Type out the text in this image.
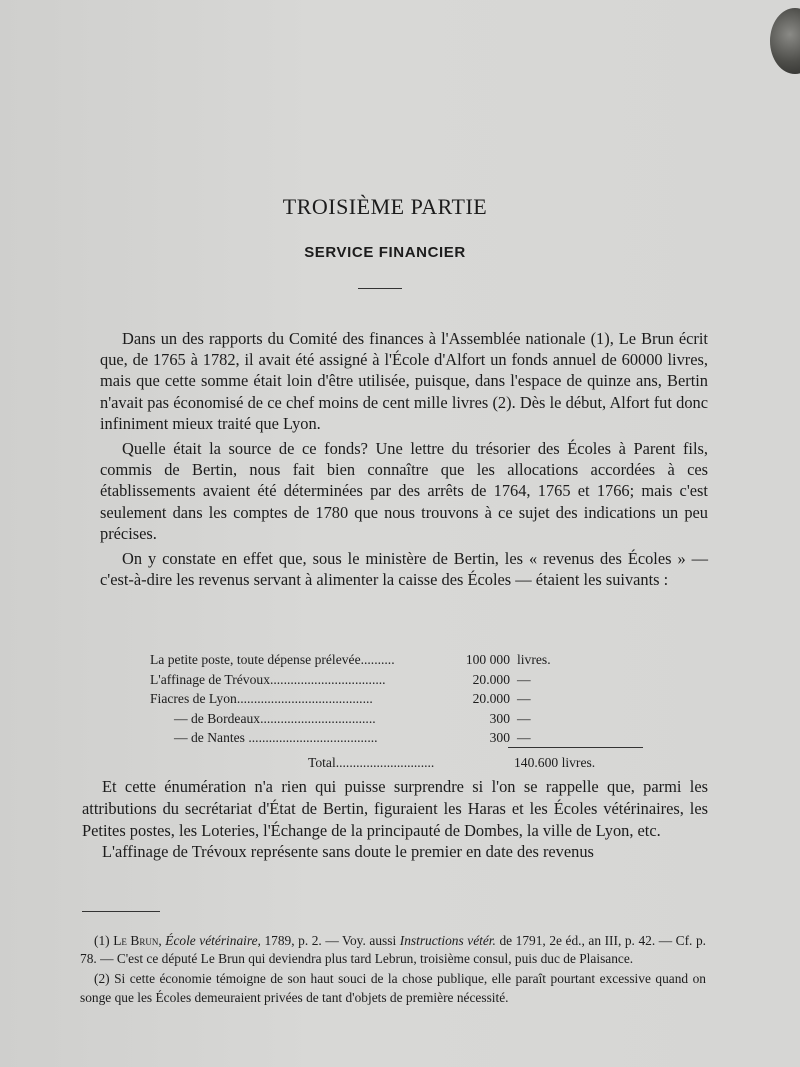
TROISIÈME PARTIE
SERVICE FINANCIER

Dans un des rapports du Comité des finances à l'Assemblée nationale (1), Le Brun écrit que, de 1765 à 1782, il avait été assigné à l'École d'Alfort un fonds annuel de 60000 livres, mais que cette somme était loin d'être utilisée, puisque, dans l'espace de quinze ans, Bertin n'avait pas économisé de ce chef moins de cent mille livres (2). Dès le début, Alfort fut donc infiniment mieux traité que Lyon.

Quelle était la source de ce fonds? Une lettre du trésorier des Écoles à Parent fils, commis de Bertin, nous fait bien connaître que les allocations accordées à ces établissements avaient été déterminées par des arrêts de 1764, 1765 et 1766; mais c'est seulement dans les comptes de 1780 que nous trouvons à ce sujet des indications un peu précises.

On y constate en effet que, sous le ministère de Bertin, les « revenus des Écoles » — c'est-à-dire les revenus servant à alimenter la caisse des Écoles — étaient les suivants :

La petite poste, toute dépense prélevée..........	100 000 livres.
L'affinage de Trévoux..................................	20.000 —
Fiacres de Lyon........................................	20.000 —
— de Bordeaux..................................	300 —
— de Nantes ......................................	300 —
Total.............................	140.600 livres.

Et cette énumération n'a rien qui puisse surprendre si l'on se rappelle que, parmi les attributions du secrétariat d'État de Bertin, figuraient les Haras et les Écoles vétérinaires, les Petites postes, les Loteries, l'Échange de la principauté de Dombes, la ville de Lyon, etc.

L'affinage de Trévoux représente sans doute le premier en date des revenus

(1) Le Brun, École vétérinaire, 1789, p. 2. — Voy. aussi Instructions vétér. de 1791, 2e éd., an III, p. 42. — Cf. p. 78. — C'est ce député Le Brun qui deviendra plus tard Lebrun, troisième consul, puis duc de Plaisance.

(2) Si cette économie témoigne de son haut souci de la chose publique, elle paraît pourtant excessive quand on songe que les Écoles demeuraient privées de tant d'objets de première nécessité.
